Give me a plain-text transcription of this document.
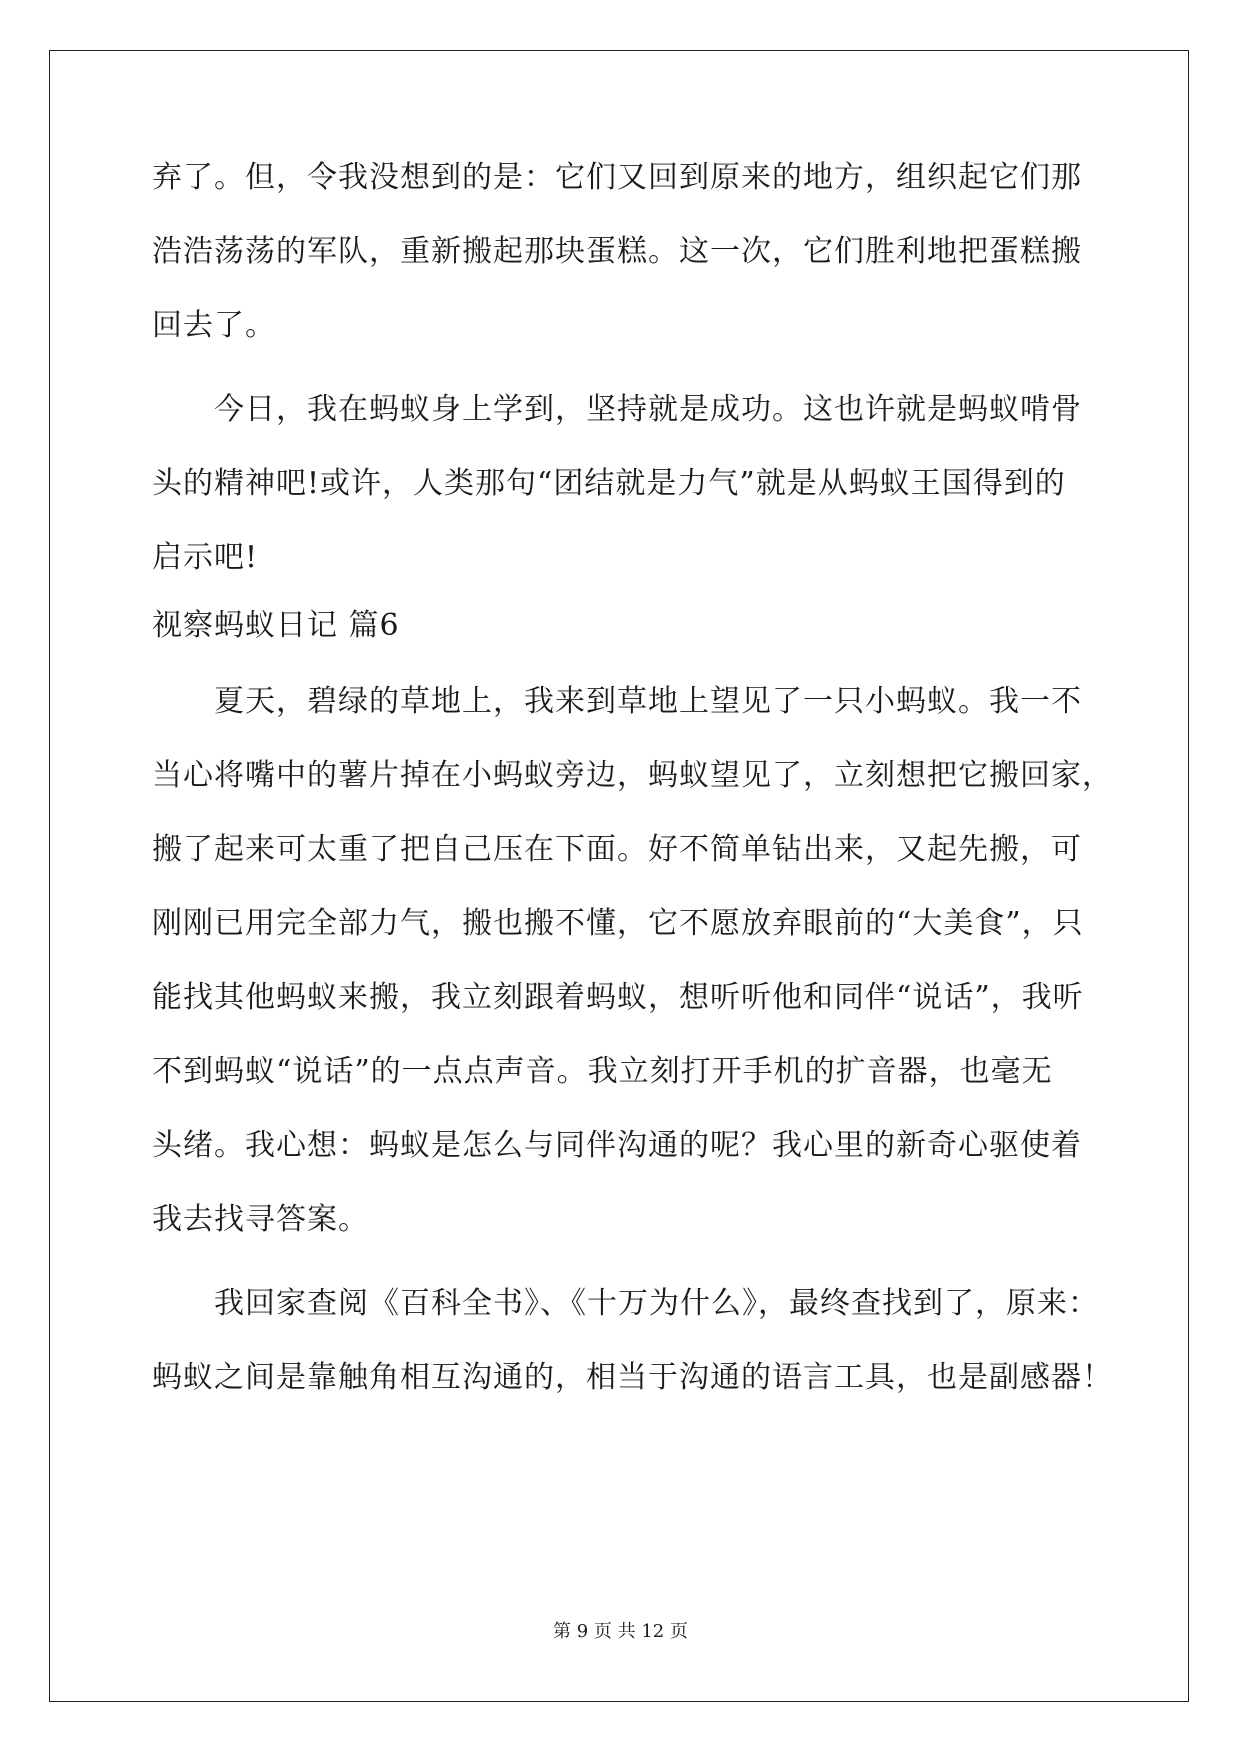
弃了。但，令我没想到的是：它们又回到原来的地方，组织起它们那
浩浩荡荡的军队，重新搬起那块蛋糕。这一次，它们胜利地把蛋糕搬
回去了。
今日，我在蚂蚁身上学到，坚持就是成功。这也许就是蚂蚁啃骨
头的精神吧!或许，人类那句“团结就是力气”就是从蚂蚁王国得到的
启示吧!
视察蚂蚁日记 篇6
夏天，碧绿的草地上，我来到草地上望见了一只小蚂蚁。我一不
当心将嘴中的薯片掉在小蚂蚁旁边，蚂蚁望见了，立刻想把它搬回家，
搬了起来可太重了把自己压在下面。好不简单钻出来，又起先搬，可
刚刚已用完全部力气，搬也搬不懂，它不愿放弃眼前的“大美食”，只
能找其他蚂蚁来搬，我立刻跟着蚂蚁，想听听他和同伴“说话”，我听
不到蚂蚁“说话”的一点点声音。我立刻打开手机的扩音器，也毫无
头绪。我心想：蚂蚁是怎么与同伴沟通的呢？我心里的新奇心驱使着
我去找寻答案。
我回家查阅《百科全书》、《十万为什么》，最终查找到了，原来：
蚂蚁之间是靠触角相互沟通的，相当于沟通的语言工具，也是副感器！
第 9 页 共 12 页
